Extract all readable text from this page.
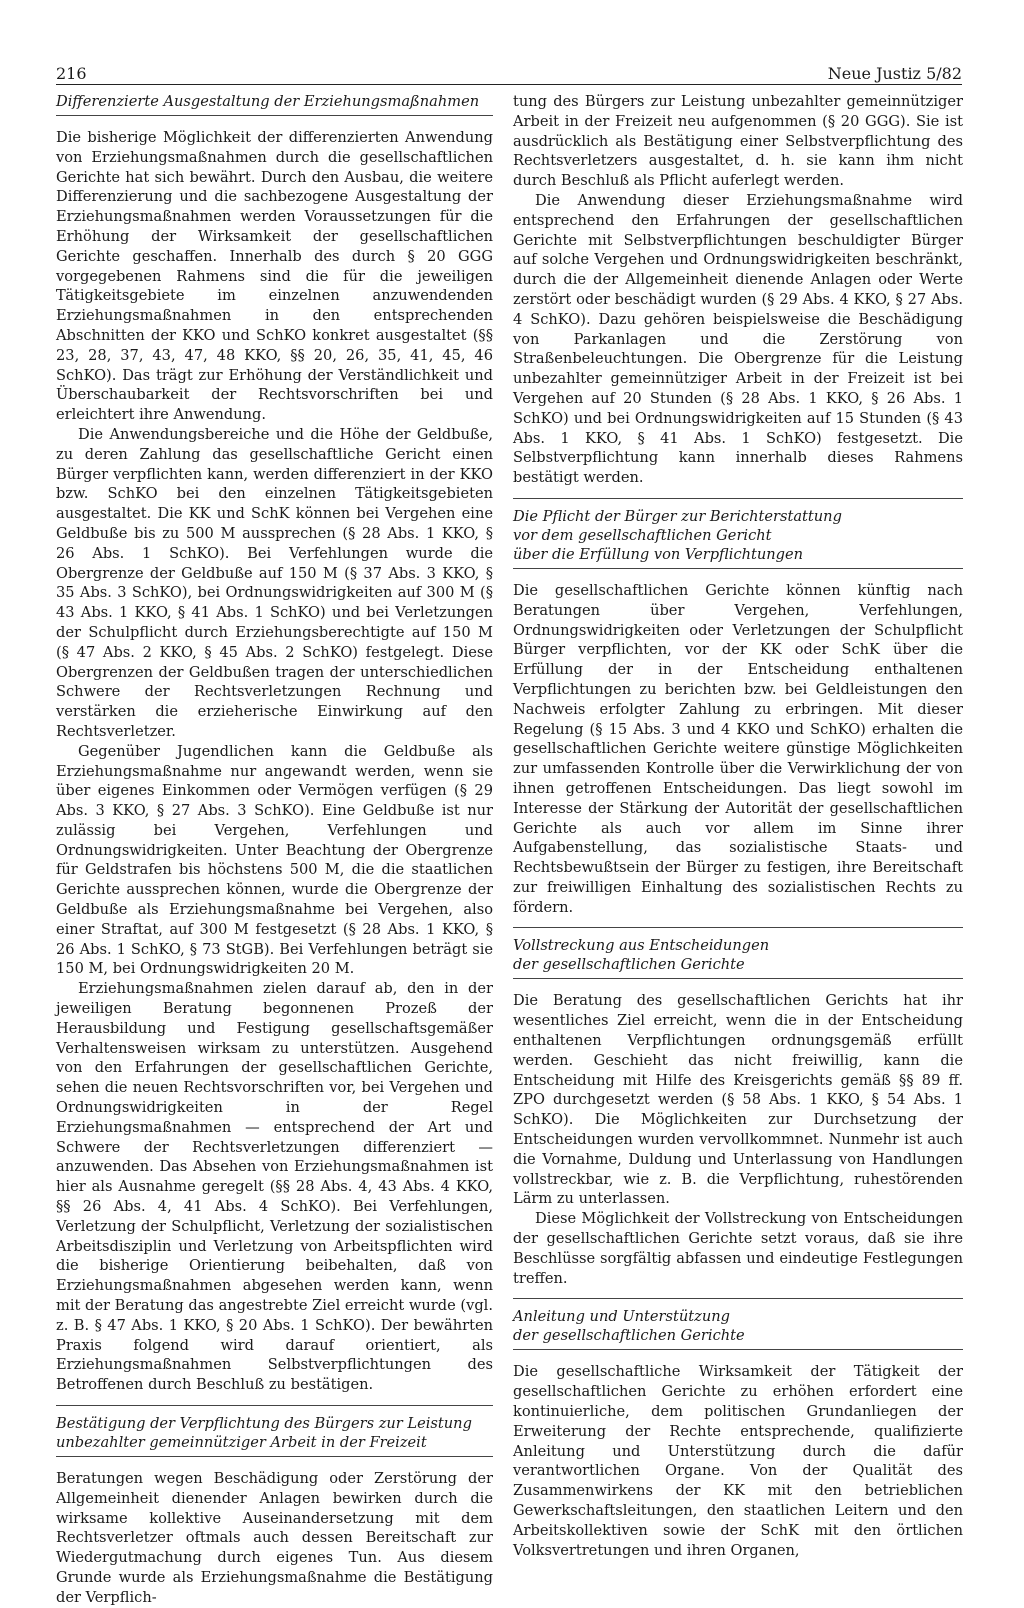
216	Neue Justiz 5/82
Differenzierte Ausgestaltung der Erziehungsmaßnahmen

Die bisherige Möglichkeit der differenzierten Anwendung von Erziehungsmaßnahmen durch die gesellschaftlichen Gerichte hat sich bewährt. Durch den Ausbau, die weitere Differenzierung und die sachbezogene Ausgestaltung der Erziehungsmaßnahmen werden Voraussetzungen für die Erhöhung der Wirksamkeit der gesellschaftlichen Gerichte geschaffen. Innerhalb des durch § 20 GGG vorgegebenen Rahmens sind die für die jeweiligen Tätigkeitsgebiete im einzelnen anzuwendenden Erziehungsmaßnahmen in den entsprechenden Abschnitten der KKO und SchKO konkret ausgestaltet (§§ 23, 28, 37, 43, 47, 48 KKO, §§ 20, 26, 35, 41, 45, 46 SchKO). Das trägt zur Erhöhung der Verständlichkeit und Überschaubarkeit der Rechtsvorschriften bei und erleichtert ihre Anwendung.

Die Anwendungsbereiche und die Höhe der Geldbuße, zu deren Zahlung das gesellschaftliche Gericht einen Bürger verpflichten kann, werden differenziert in der KKO bzw. SchKO bei den einzelnen Tätigkeitsgebieten ausgestaltet. Die KK und SchK können bei Vergehen eine Geldbuße bis zu 500 M aussprechen (§ 28 Abs. 1 KKO, § 26 Abs. 1 SchKO). Bei Verfehlungen wurde die Obergrenze der Geldbuße auf 150 M (§ 37 Abs. 3 KKO, § 35 Abs. 3 SchKO), bei Ordnungswidrigkeiten auf 300 M (§ 43 Abs. 1 KKO, § 41 Abs. 1 SchKO) und bei Verletzungen der Schulpflicht durch Erziehungsberechtigte auf 150 M (§ 47 Abs. 2 KKO, § 45 Abs. 2 SchKO) festgelegt. Diese Obergrenzen der Geldbußen tragen der unterschiedlichen Schwere der Rechtsverletzungen Rechnung und verstärken die erzieherische Einwirkung auf den Rechtsverletzer.

Gegenüber Jugendlichen kann die Geldbuße als Erziehungsmaßnahme nur angewandt werden, wenn sie über eigenes Einkommen oder Vermögen verfügen (§ 29 Abs. 3 KKO, § 27 Abs. 3 SchKO). Eine Geldbuße ist nur zulässig bei Vergehen, Verfehlungen und Ordnungswidrigkeiten. Unter Beachtung der Obergrenze für Geldstrafen bis höchstens 500 M, die die staatlichen Gerichte aussprechen können, wurde die Obergrenze der Geldbuße als Erziehungsmaßnahme bei Vergehen, also einer Straftat, auf 300 M festgesetzt (§ 28 Abs. 1 KKO, § 26 Abs. 1 SchKO, § 73 StGB). Bei Verfehlungen beträgt sie 150 M, bei Ordnungswidrigkeiten 20 M.

Erziehungsmaßnahmen zielen darauf ab, den in der jeweiligen Beratung begonnenen Prozeß der Herausbildung und Festigung gesellschaftsgemäßer Verhaltensweisen wirksam zu unterstützen. Ausgehend von den Erfahrungen der gesellschaftlichen Gerichte, sehen die neuen Rechtsvorschriften vor, bei Vergehen und Ordnungswidrigkeiten in der Regel Erziehungsmaßnahmen — entsprechend der Art und Schwere der Rechtsverletzungen differenziert — anzuwenden. Das Absehen von Erziehungsmaßnahmen ist hier als Ausnahme geregelt (§§ 28 Abs. 4, 43 Abs. 4 KKO, §§ 26 Abs. 4, 41 Abs. 4 SchKO). Bei Verfehlungen, Verletzung der Schulpflicht, Verletzung der sozialistischen Arbeitsdisziplin und Verletzung von Arbeitspflichten wird die bisherige Orientierung beibehalten, daß von Erziehungsmaßnahmen abgesehen werden kann, wenn mit der Beratung das angestrebte Ziel erreicht wurde (vgl. z. B. § 47 Abs. 1 KKO, § 20 Abs. 1 SchKO). Der bewährten Praxis folgend wird darauf orientiert, als Erziehungsmaßnahmen Selbstverpflichtungen des Betroffenen durch Beschluß zu bestätigen.

Bestätigung der Verpflichtung des Bürgers zur Leistung
unbezahlter gemeinnütziger Arbeit in der Freizeit

Beratungen wegen Beschädigung oder Zerstörung der Allgemeinheit dienender Anlagen bewirken durch die wirksame kollektive Auseinandersetzung mit dem Rechtsverletzer oftmals auch dessen Bereitschaft zur Wiedergutmachung durch eigenes Tun. Aus diesem Grunde wurde als Erziehungsmaßnahme die Bestätigung der Verpflich-

tung des Bürgers zur Leistung unbezahlter gemeinnütziger Arbeit in der Freizeit neu aufgenommen (§ 20 GGG). Sie ist ausdrücklich als Bestätigung einer Selbstverpflichtung des Rechtsverletzers ausgestaltet, d. h. sie kann ihm nicht durch Beschluß als Pflicht auferlegt werden.

Die Anwendung dieser Erziehungsmaßnahme wird entsprechend den Erfahrungen der gesellschaftlichen Gerichte mit Selbstverpflichtungen beschuldigter Bürger auf solche Vergehen und Ordnungswidrigkeiten beschränkt, durch die der Allgemeinheit dienende Anlagen oder Werte zerstört oder beschädigt wurden (§ 29 Abs. 4 KKO, § 27 Abs. 4 SchKO). Dazu gehören beispielsweise die Beschädigung von Parkanlagen und die Zerstörung von Straßenbeleuchtungen. Die Obergrenze für die Leistung unbezahlter gemeinnütziger Arbeit in der Freizeit ist bei Vergehen auf 20 Stunden (§ 28 Abs. 1 KKO, § 26 Abs. 1 SchKO) und bei Ordnungswidrigkeiten auf 15 Stunden (§ 43 Abs. 1 KKO, § 41 Abs. 1 SchKO) festgesetzt. Die Selbstverpflichtung kann innerhalb dieses Rahmens bestätigt werden.

Die Pflicht der Bürger zur Berichterstattung
vor dem gesellschaftlichen Gericht
über die Erfüllung von Verpflichtungen

Die gesellschaftlichen Gerichte können künftig nach Beratungen über Vergehen, Verfehlungen, Ordnungswidrigkeiten oder Verletzungen der Schulpflicht Bürger verpflichten, vor der KK oder SchK über die Erfüllung der in der Entscheidung enthaltenen Verpflichtungen zu berichten bzw. bei Geldleistungen den Nachweis erfolgter Zahlung zu erbringen. Mit dieser Regelung (§ 15 Abs. 3 und 4 KKO und SchKO) erhalten die gesellschaftlichen Gerichte weitere günstige Möglichkeiten zur umfassenden Kontrolle über die Verwirklichung der von ihnen getroffenen Entscheidungen. Das liegt sowohl im Interesse der Stärkung der Autorität der gesellschaftlichen Gerichte als auch vor allem im Sinne ihrer Aufgabenstellung, das sozialistische Staats- und Rechtsbewußtsein der Bürger zu festigen, ihre Bereitschaft zur freiwilligen Einhaltung des sozialistischen Rechts zu fördern.

Vollstreckung aus Entscheidungen
der gesellschaftlichen Gerichte

Die Beratung des gesellschaftlichen Gerichts hat ihr wesentliches Ziel erreicht, wenn die in der Entscheidung enthaltenen Verpflichtungen ordnungsgemäß erfüllt werden. Geschieht das nicht freiwillig, kann die Entscheidung mit Hilfe des Kreisgerichts gemäß §§ 89 ff. ZPO durchgesetzt werden (§ 58 Abs. 1 KKO, § 54 Abs. 1 SchKO). Die Möglichkeiten zur Durchsetzung der Entscheidungen wurden vervollkommnet. Nunmehr ist auch die Vornahme, Duldung und Unterlassung von Handlungen vollstreckbar, wie z. B. die Verpflichtung, ruhestörenden Lärm zu unterlassen.

Diese Möglichkeit der Vollstreckung von Entscheidungen der gesellschaftlichen Gerichte setzt voraus, daß sie ihre Beschlüsse sorgfältig abfassen und eindeutige Festlegungen treffen.

Anleitung und Unterstützung
der gesellschaftlichen Gerichte

Die gesellschaftliche Wirksamkeit der Tätigkeit der gesellschaftlichen Gerichte zu erhöhen erfordert eine kontinuierliche, dem politischen Grundanliegen der Erweiterung der Rechte entsprechende, qualifizierte Anleitung und Unterstützung durch die dafür verantwortlichen Organe. Von der Qualität des Zusammenwirkens der KK mit den betrieblichen Gewerkschaftsleitungen, den staatlichen Leitern und den Arbeitskollektiven sowie der SchK mit den örtlichen Volksvertretungen und ihren Organen,
